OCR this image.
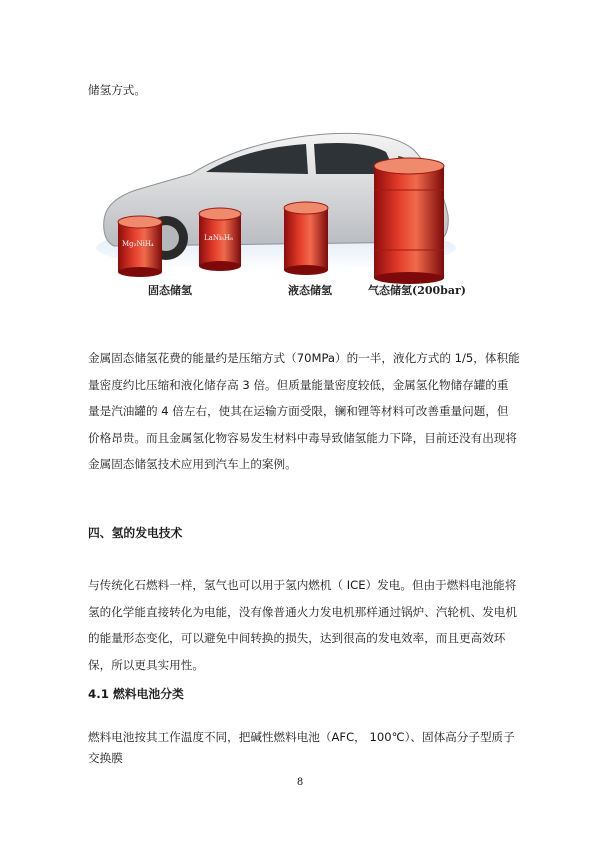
储氢方式。
Mg₂NiH₄
LaNi₅H₆
固态储氢	液态储氢	气态储氢(200bar)
金属固态储氢花费的能量约是压缩方式（70MPa）的一半，液化方式的 1/5，体积能量密度约比压缩和液化储存高 3 倍。但质量能量密度较低，金属氢化物储存罐的重量是汽油罐的 4 倍左右，使其在运输方面受限，镧和锂等材料可改善重量问题，但价格昂贵。而且金属氢化物容易发生材料中毒导致储氢能力下降，目前还没有出现将金属固态储氢技术应用到汽车上的案例。
四、氢的发电技术
与传统化石燃料一样，氢气也可以用于氢内燃机（ ICE）发电。但由于燃料电池能将氢的化学能直接转化为电能，没有像普通火力发电机那样通过锅炉、汽轮机、发电机的能量形态变化，可以避免中间转换的损失，达到很高的发电效率，而且更高效环保，所以更具实用性。
4.1 燃料电池分类
燃料电池按其工作温度不同，把碱性燃料电池（AFC， 100℃）、固体高分子型质子交换膜
8
